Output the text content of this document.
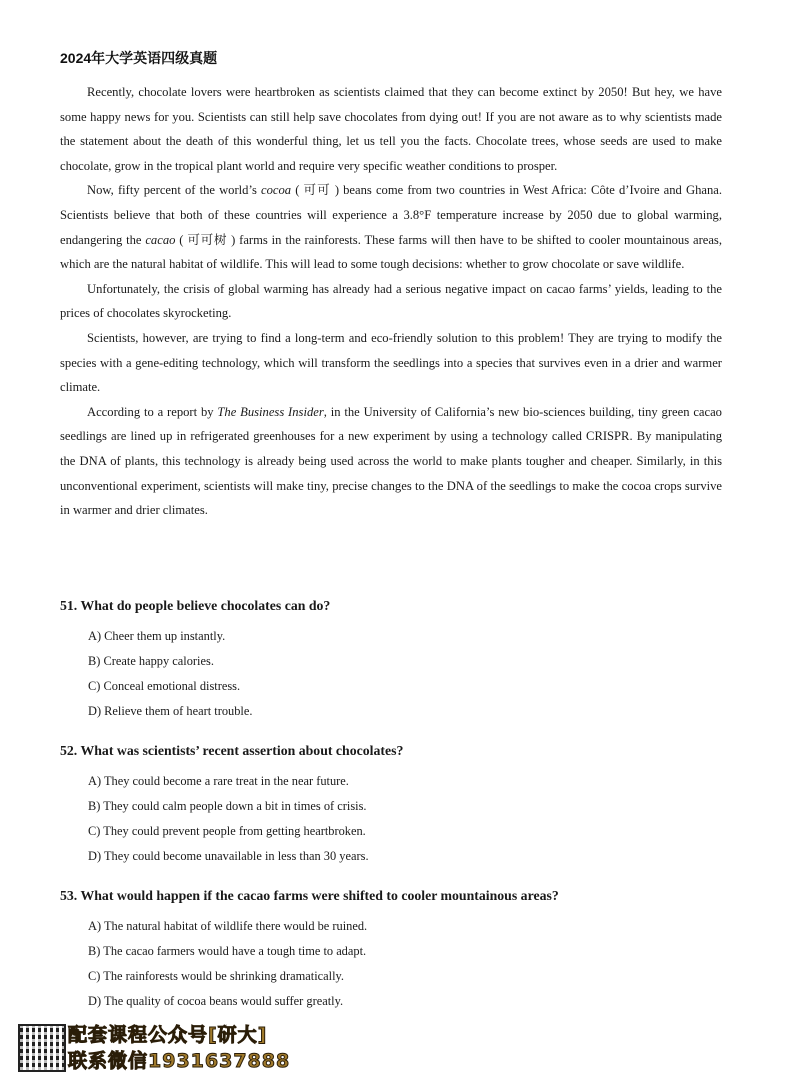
2024年大学英语四级真题

Recently, chocolate lovers were heartbroken as scientists claimed that they can become extinct by 2050! But hey, we have some happy news for you. Scientists can still help save chocolates from dying out! If you are not aware as to why scientists made the statement about the death of this wonderful thing, let us tell you the facts. Chocolate trees, whose seeds are used to make chocolate, grow in the tropical plant world and require very specific weather conditions to prosper.

Now, fifty percent of the world’s cocoa ( 可可 ) beans come from two countries in West Africa: Côte d’Ivoire and Ghana. Scientists believe that both of these countries will experience a 3.8°F temperature increase by 2050 due to global warming, endangering the cacao ( 可可树 ) farms in the rainforests. These farms will then have to be shifted to cooler mountainous areas, which are the natural habitat of wildlife. This will lead to some tough decisions: whether to grow chocolate or save wildlife.

Unfortunately, the crisis of global warming has already had a serious negative impact on cacao farms’ yields, leading to the prices of chocolates skyrocketing.

Scientists, however, are trying to find a long-term and eco-friendly solution to this problem! They are trying to modify the species with a gene-editing technology, which will transform the seedlings into a species that survives even in a drier and warmer climate.

According to a report by The Business Insider, in the University of California’s new bio-sciences building, tiny green cacao seedlings are lined up in refrigerated greenhouses for a new experiment by using a technology called CRISPR. By manipulating the DNA of plants, this technology is already being used across the world to make plants tougher and cheaper. Similarly, in this unconventional experiment, scientists will make tiny, precise changes to the DNA of the seedlings to make the cocoa crops survive in warmer and drier climates.

51. What do people believe chocolates can do?
A) Cheer them up instantly.
B) Create happy calories.
C) Conceal emotional distress.
D) Relieve them of heart trouble.
52. What was scientists’ recent assertion about chocolates?
A) They could become a rare treat in the near future.
B) They could calm people down a bit in times of crisis.
C) They could prevent people from getting heartbroken.
D) They could become unavailable in less than 30 years.
53. What would happen if the cacao farms were shifted to cooler mountainous areas?
A) The natural habitat of wildlife there would be ruined.
B) The cacao farmers would have a tough time to adapt.
C) The rainforests would be shrinking dramatically.
D) The quality of cocoa beans would suffer greatly.
配套课程公众号[研大]
联系微信1931637888
